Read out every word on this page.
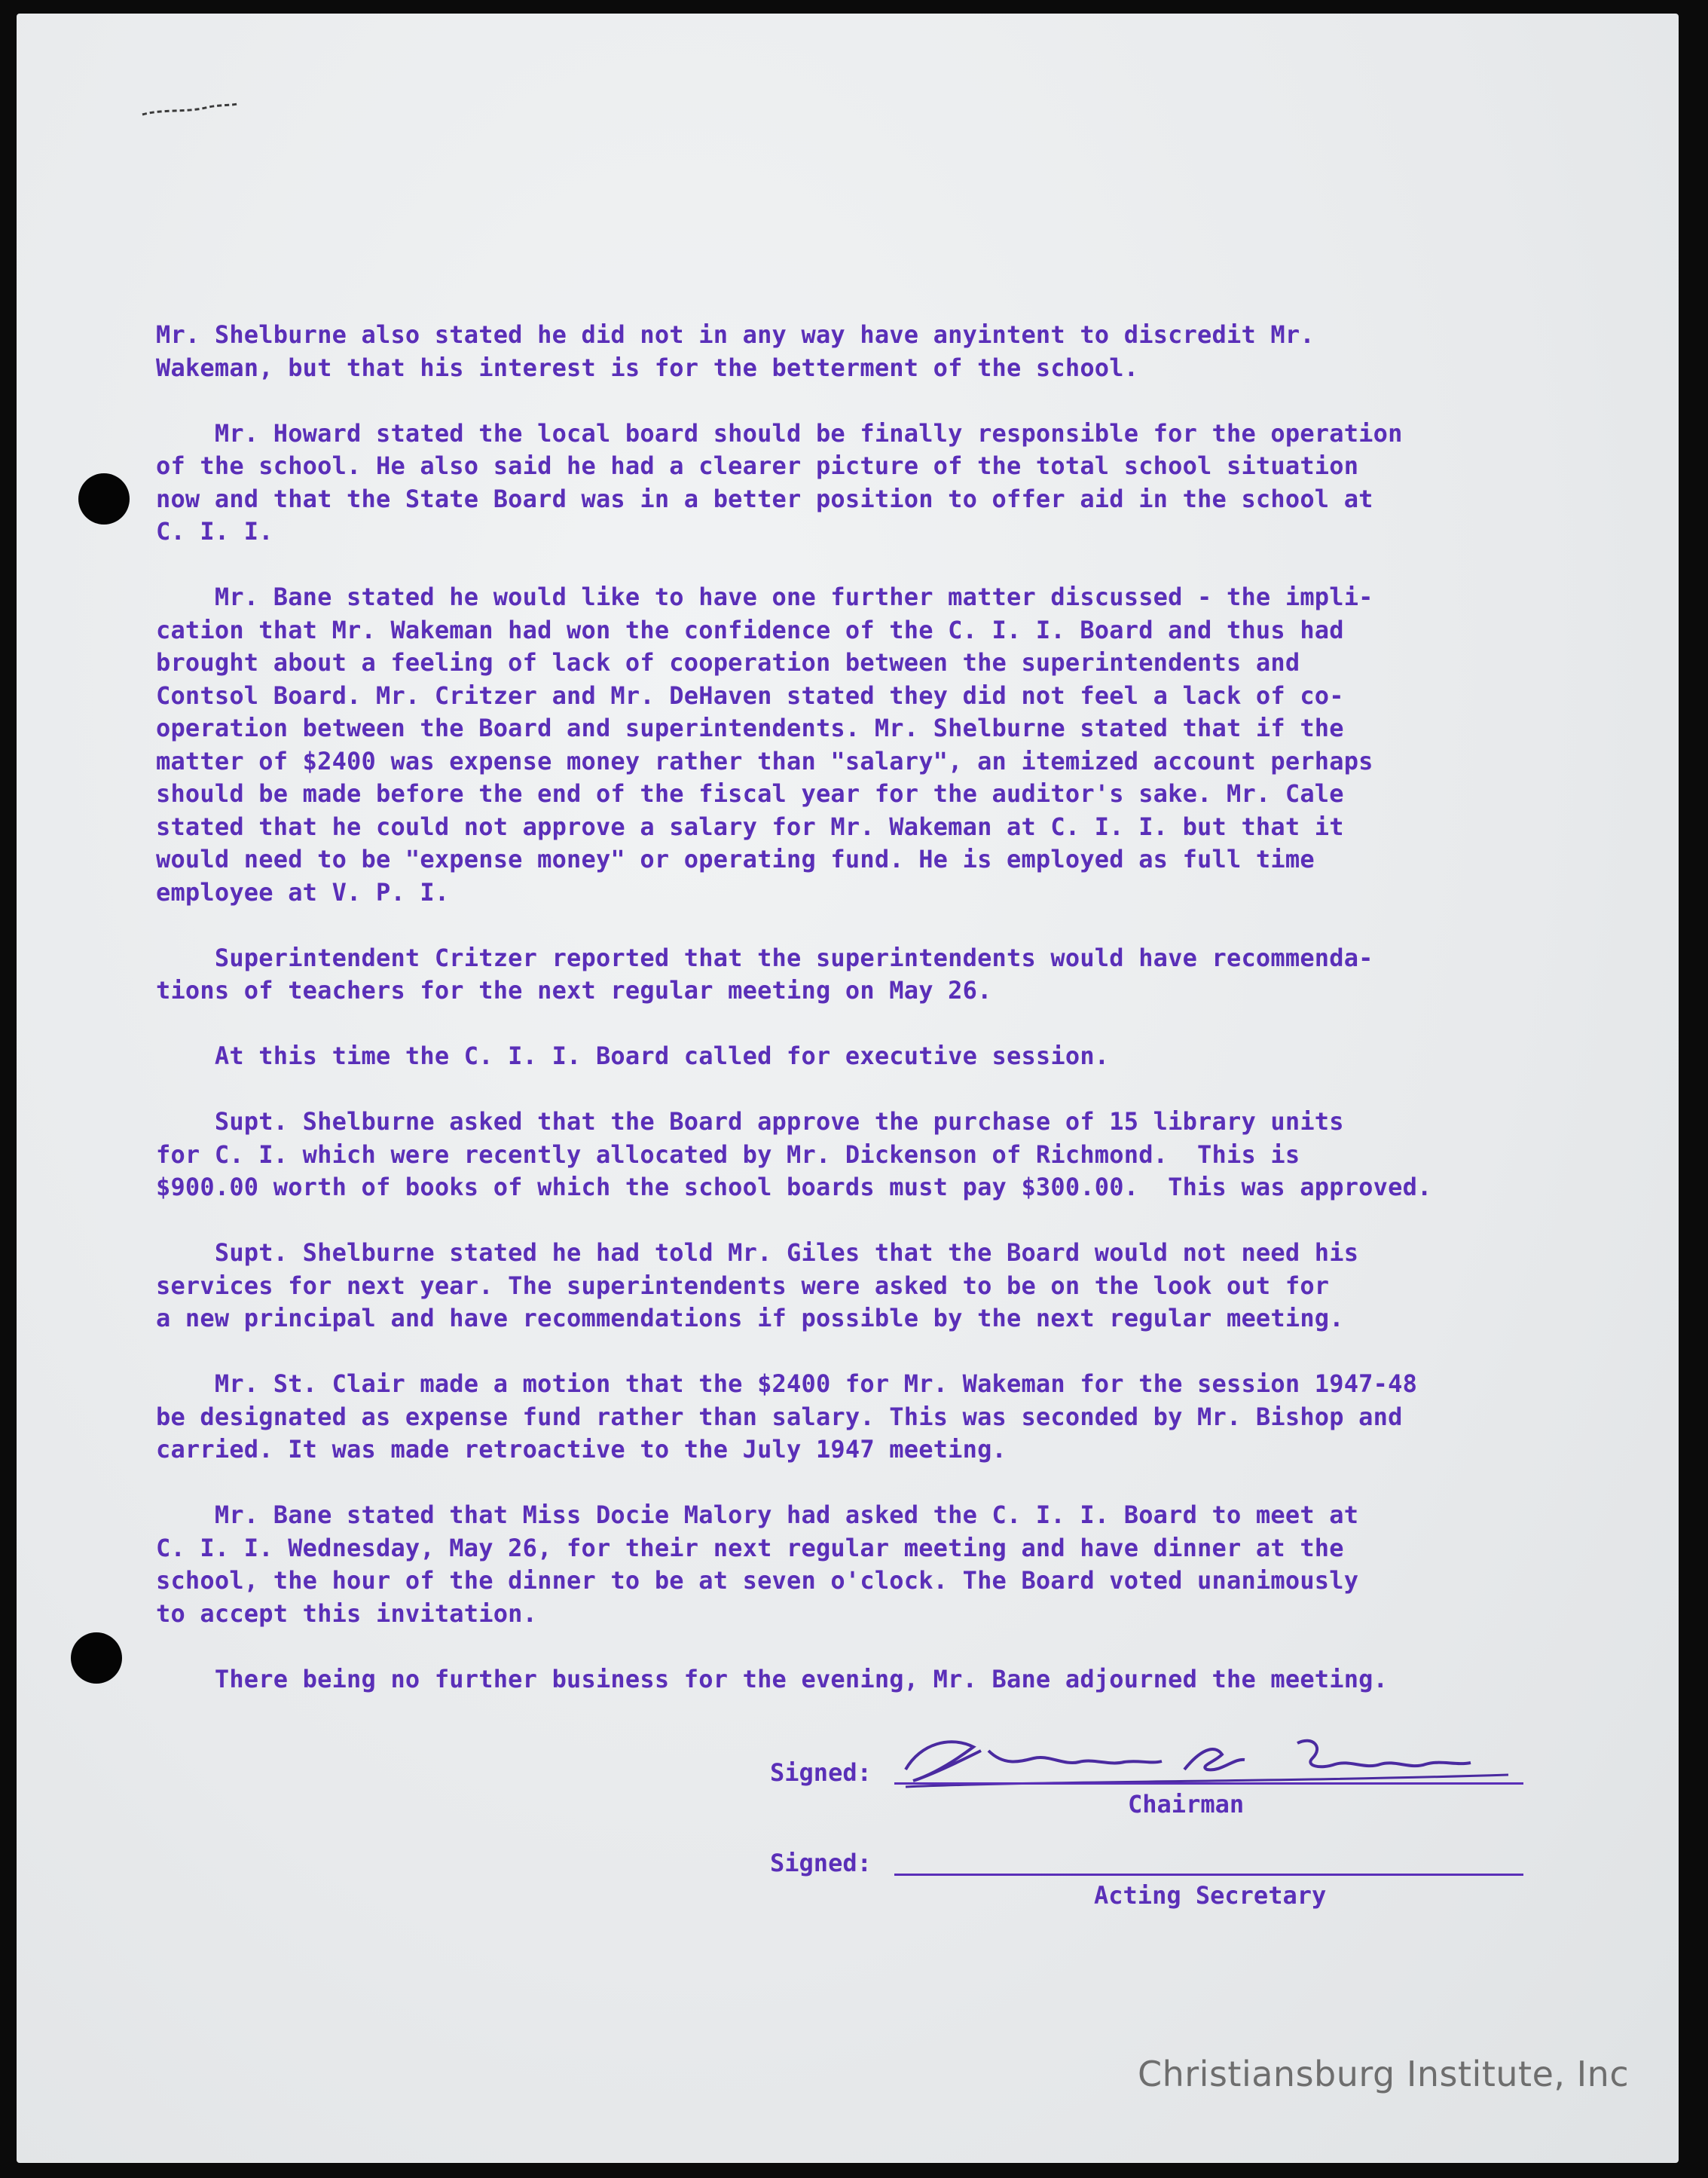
Mr. Shelburne also stated he did not in any way have anyintent to discredit Mr.
Wakeman, but that his interest is for the betterment of the school.
Mr. Howard stated the local board should be finally responsible for the operation
of the school. He also said he had a clearer picture of the total school situation
now and that the State Board was in a better position to offer aid in the school at
C. I. I.
Mr. Bane stated he would like to have one further matter discussed - the impli-
cation that Mr. Wakeman had won the confidence of the C. I. I. Board and thus had
brought about a feeling of lack of cooperation between the superintendents and
Contsol Board. Mr. Critzer and Mr. DeHaven stated they did not feel a lack of co-
operation between the Board and superintendents. Mr. Shelburne stated that if the
matter of $2400 was expense money rather than "salary", an itemized account perhaps
should be made before the end of the fiscal year for the auditor's sake. Mr. Cale
stated that he could not approve a salary for Mr. Wakeman at C. I. I. but that it
would need to be "expense money" or operating fund. He is employed as full time
employee at V. P. I.
Superintendent Critzer reported that the superintendents would have recommenda-
tions of teachers for the next regular meeting on May 26.
At this time the C. I. I. Board called for executive session.
Supt. Shelburne asked that the Board approve the purchase of 15 library units
for C. I. which were recently allocated by Mr. Dickenson of Richmond.  This is
$900.00 worth of books of which the school boards must pay $300.00.  This was approved.
Supt. Shelburne stated he had told Mr. Giles that the Board would not need his
services for next year. The superintendents were asked to be on the look out for
a new principal and have recommendations if possible by the next regular meeting.
Mr. St. Clair made a motion that the $2400 for Mr. Wakeman for the session 1947-48
be designated as expense fund rather than salary. This was seconded by Mr. Bishop and
carried. It was made retroactive to the July 1947 meeting.
Mr. Bane stated that Miss Docie Malory had asked the C. I. I. Board to meet at
C. I. I. Wednesday, May 26, for their next regular meeting and have dinner at the
school, the hour of the dinner to be at seven o'clock. The Board voted unanimously
to accept this invitation.
There being no further business for the evening, Mr. Bane adjourned the meeting.
Signed:
Chairman
Signed:
Acting Secretary
Christiansburg Institute, Inc
